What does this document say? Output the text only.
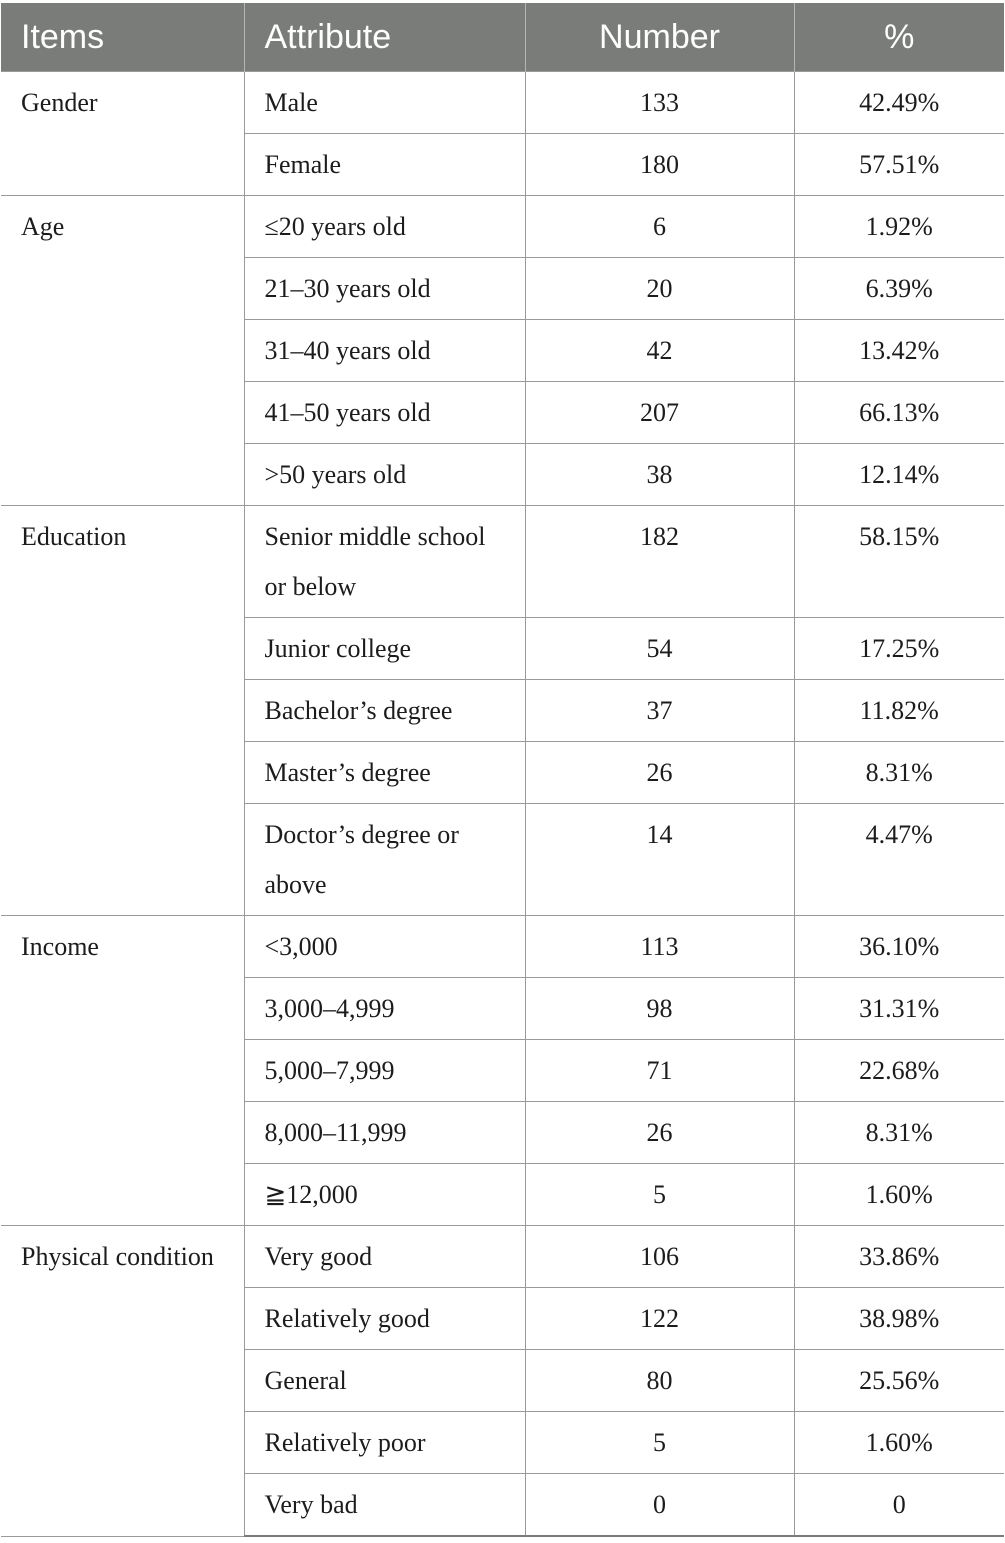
Items	Attribute	Number	%
Gender	Male	133	42.49%
	Female	180	57.51%
Age	≤20 years old	6	1.92%
	21–30 years old	20	6.39%
	31–40 years old	42	13.42%
	41–50 years old	207	66.13%
	>50 years old	38	12.14%
Education	Senior middle school or below	182	58.15%
	Junior college	54	17.25%
	Bachelor’s degree	37	11.82%
	Master’s degree	26	8.31%
	Doctor’s degree or above	14	4.47%
Income	<3,000	113	36.10%
	3,000–4,999	98	31.31%
	5,000–7,999	71	22.68%
	8,000–11,999	26	8.31%
	≧12,000	5	1.60%
Physical condition	Very good	106	33.86%
	Relatively good	122	38.98%
	General	80	25.56%
	Relatively poor	5	1.60%
	Very bad	0	0
